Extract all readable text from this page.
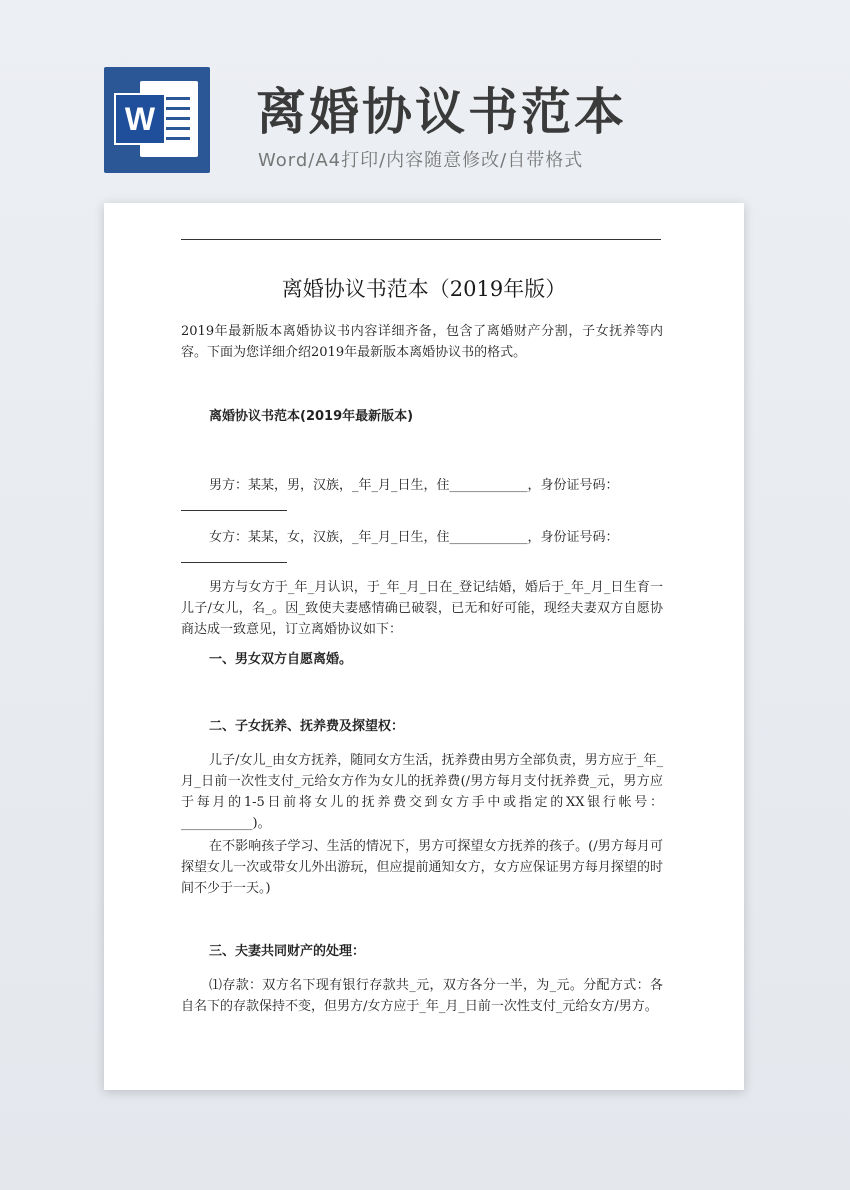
W 离婚协议书范本
Word/A4打印/内容随意修改/自带格式
离婚协议书范本（2019年版）

2019年最新版本离婚协议书内容详细齐备，包含了离婚财产分割，子女抚养等内容。下面为您详细介绍2019年最新版本离婚协议书的格式。

离婚协议书范本(2019年最新版本)

男方：某某，男，汉族，_年_月_日生，住____________，身份证号码：

女方：某某，女，汉族，_年_月_日生，住____________，身份证号码：

男方与女方于_年_月认识，于_年_月_日在_登记结婚，婚后于_年_月_日生育一儿子/女儿，名_。因_致使夫妻感情确已破裂，已无和好可能，现经夫妻双方自愿协商达成一致意见，订立离婚协议如下：

一、男女双方自愿离婚。

二、子女抚养、抚养费及探望权：

儿子/女儿_由女方抚养，随同女方生活，抚养费由男方全部负责，男方应于_年_月_日前一次性支付_元给女方作为女儿的抚养费(/男方每月支付抚养费_元，男方应于每月的1-5日前将女儿的抚养费交到女方手中或指定的XX银行帐号：___________)。

在不影响孩子学习、生活的情况下，男方可探望女方抚养的孩子。(/男方每月可探望女儿一次或带女儿外出游玩，但应提前通知女方，女方应保证男方每月探望的时间不少于一天。)

三、夫妻共同财产的处理：

⑴存款：双方名下现有银行存款共_元，双方各分一半，为_元。分配方式：各自名下的存款保持不变，但男方/女方应于_年_月_日前一次性支付_元给女方/男方。
